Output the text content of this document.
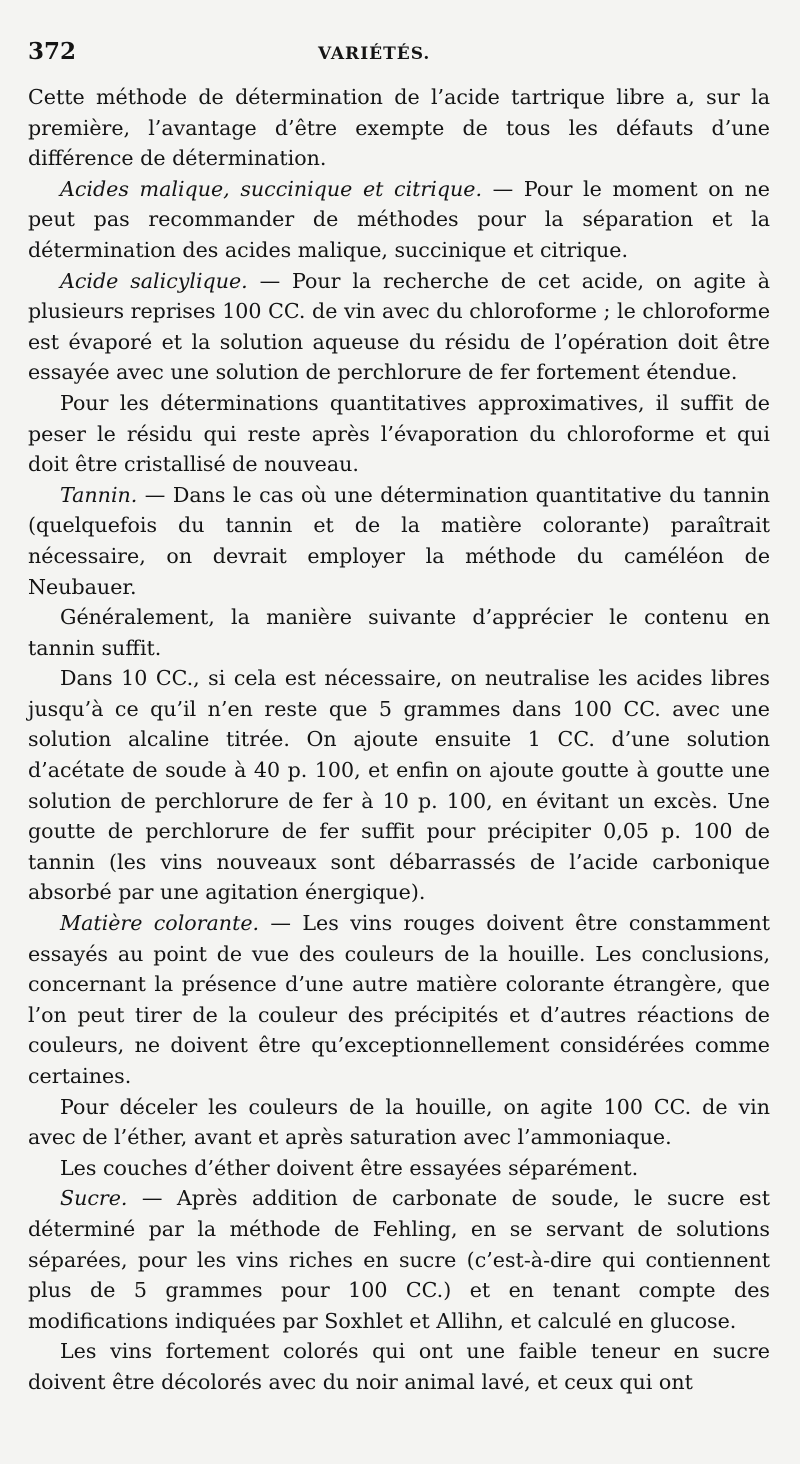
372	VARIÉTÉS.

Cette méthode de détermination de l’acide tartrique libre a, sur la première, l’avantage d’être exempte de tous les défauts d’une différence de détermination.

Acides malique, succinique et citrique. — Pour le moment on ne peut pas recommander de méthodes pour la séparation et la détermination des acides malique, succinique et citrique.

Acide salicylique. — Pour la recherche de cet acide, on agite à plusieurs reprises 100 CC. de vin avec du chloroforme ; le chloroforme est évaporé et la solution aqueuse du résidu de l’opération doit être essayée avec une solution de perchlorure de fer fortement étendue.

Pour les déterminations quantitatives approximatives, il suffit de peser le résidu qui reste après l’évaporation du chloroforme et qui doit être cristallisé de nouveau.

Tannin. — Dans le cas où une détermination quantitative du tannin (quelquefois du tannin et de la matière colorante) paraîtrait nécessaire, on devrait employer la méthode du caméléon de Neubauer.

Généralement, la manière suivante d’apprécier le contenu en tannin suffit.

Dans 10 CC., si cela est nécessaire, on neutralise les acides libres jusqu’à ce qu’il n’en reste que 5 grammes dans 100 CC. avec une solution alcaline titrée. On ajoute ensuite 1 CC. d’une solution d’acétate de soude à 40 p. 100, et enfin on ajoute goutte à goutte une solution de perchlorure de fer à 10 p. 100, en évitant un excès. Une goutte de perchlorure de fer suffit pour précipiter 0,05 p. 100 de tannin (les vins nouveaux sont débarrassés de l’acide carbonique absorbé par une agitation énergique).

Matière colorante. — Les vins rouges doivent être constamment essayés au point de vue des couleurs de la houille. Les conclusions, concernant la présence d’une autre matière colorante étrangère, que l’on peut tirer de la couleur des précipités et d’autres réactions de couleurs, ne doivent être qu’exceptionnellement considérées comme certaines.

Pour déceler les couleurs de la houille, on agite 100 CC. de vin avec de l’éther, avant et après saturation avec l’ammoniaque.

Les couches d’éther doivent être essayées séparément.

Sucre. — Après addition de carbonate de soude, le sucre est déterminé par la méthode de Fehling, en se servant de solutions séparées, pour les vins riches en sucre (c’est-à-dire qui contiennent plus de 5 grammes pour 100 CC.) et en tenant compte des modifications indiquées par Soxhlet et Allihn, et calculé en glucose.

Les vins fortement colorés qui ont une faible teneur en sucre doivent être décolorés avec du noir animal lavé, et ceux qui ont
